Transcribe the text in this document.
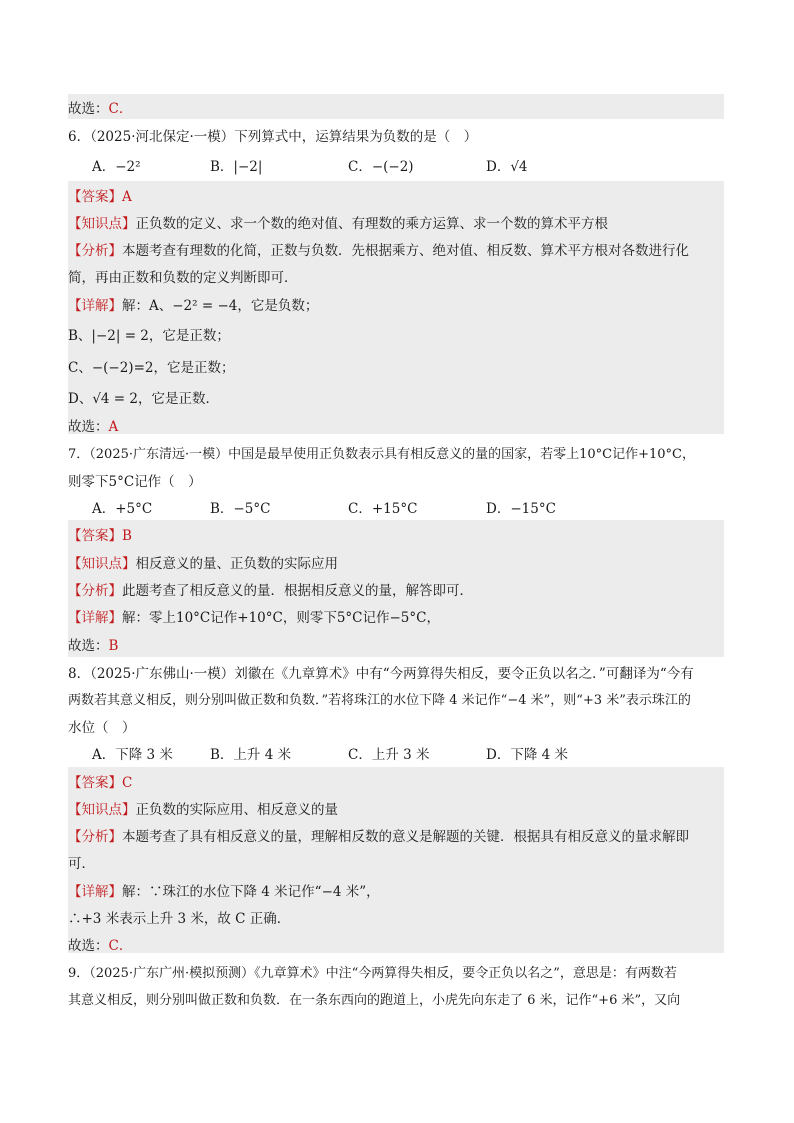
故选：C．
6．（2025·河北保定·一模）下列算式中，运算结果为负数的是（　）
A．−2²	B．|−2|	C．−(−2)	D．√4
【答案】A
【知识点】正负数的定义、求一个数的绝对值、有理数的乘方运算、求一个数的算术平方根
【分析】本题考查有理数的化简，正数与负数．先根据乘方、绝对值、相反数、算术平方根对各数进行化
简，再由正数和负数的定义判断即可．
【详解】解：A、−2² = −4，它是负数；
B、|−2| = 2，它是正数；
C、−(−2)=2，它是正数；
D、√4 = 2，它是正数．
故选：A
7．（2025·广东清远·一模）中国是最早使用正负数表示具有相反意义的量的国家，若零上10°C记作+10°C，
则零下5°C记作（　）
A．+5°C	B．−5°C	C．+15°C	D．−15°C
【答案】B
【知识点】相反意义的量、正负数的实际应用
【分析】此题考查了相反意义的量．根据相反意义的量，解答即可．
【详解】解：零上10°C记作+10°C，则零下5°C记作−5°C，
故选：B
8．（2025·广东佛山·一模）刘徽在《九章算术》中有“今两算得失相反，要令正负以名之．”可翻译为“今有
两数若其意义相反，则分别叫做正数和负数．”若将珠江的水位下降 4 米记作“−4 米”，则“+3 米”表示珠江的
水位（　）
A．下降 3 米	B．上升 4 米	C．上升 3 米	D．下降 4 米
【答案】C
【知识点】正负数的实际应用、相反意义的量
【分析】本题考查了具有相反意义的量，理解相反数的意义是解题的关键．根据具有相反意义的量求解即
可．
【详解】解：∵珠江的水位下降 4 米记作“−4 米”，
∴+3 米表示上升 3 米，故 C 正确．
故选：C．
9．（2025·广东广州·模拟预测）《九章算术》中注“今两算得失相反，要令正负以名之”，意思是：有两数若
其意义相反，则分别叫做正数和负数．在一条东西向的跑道上，小虎先向东走了 6 米，记作“+6 米”，又向
